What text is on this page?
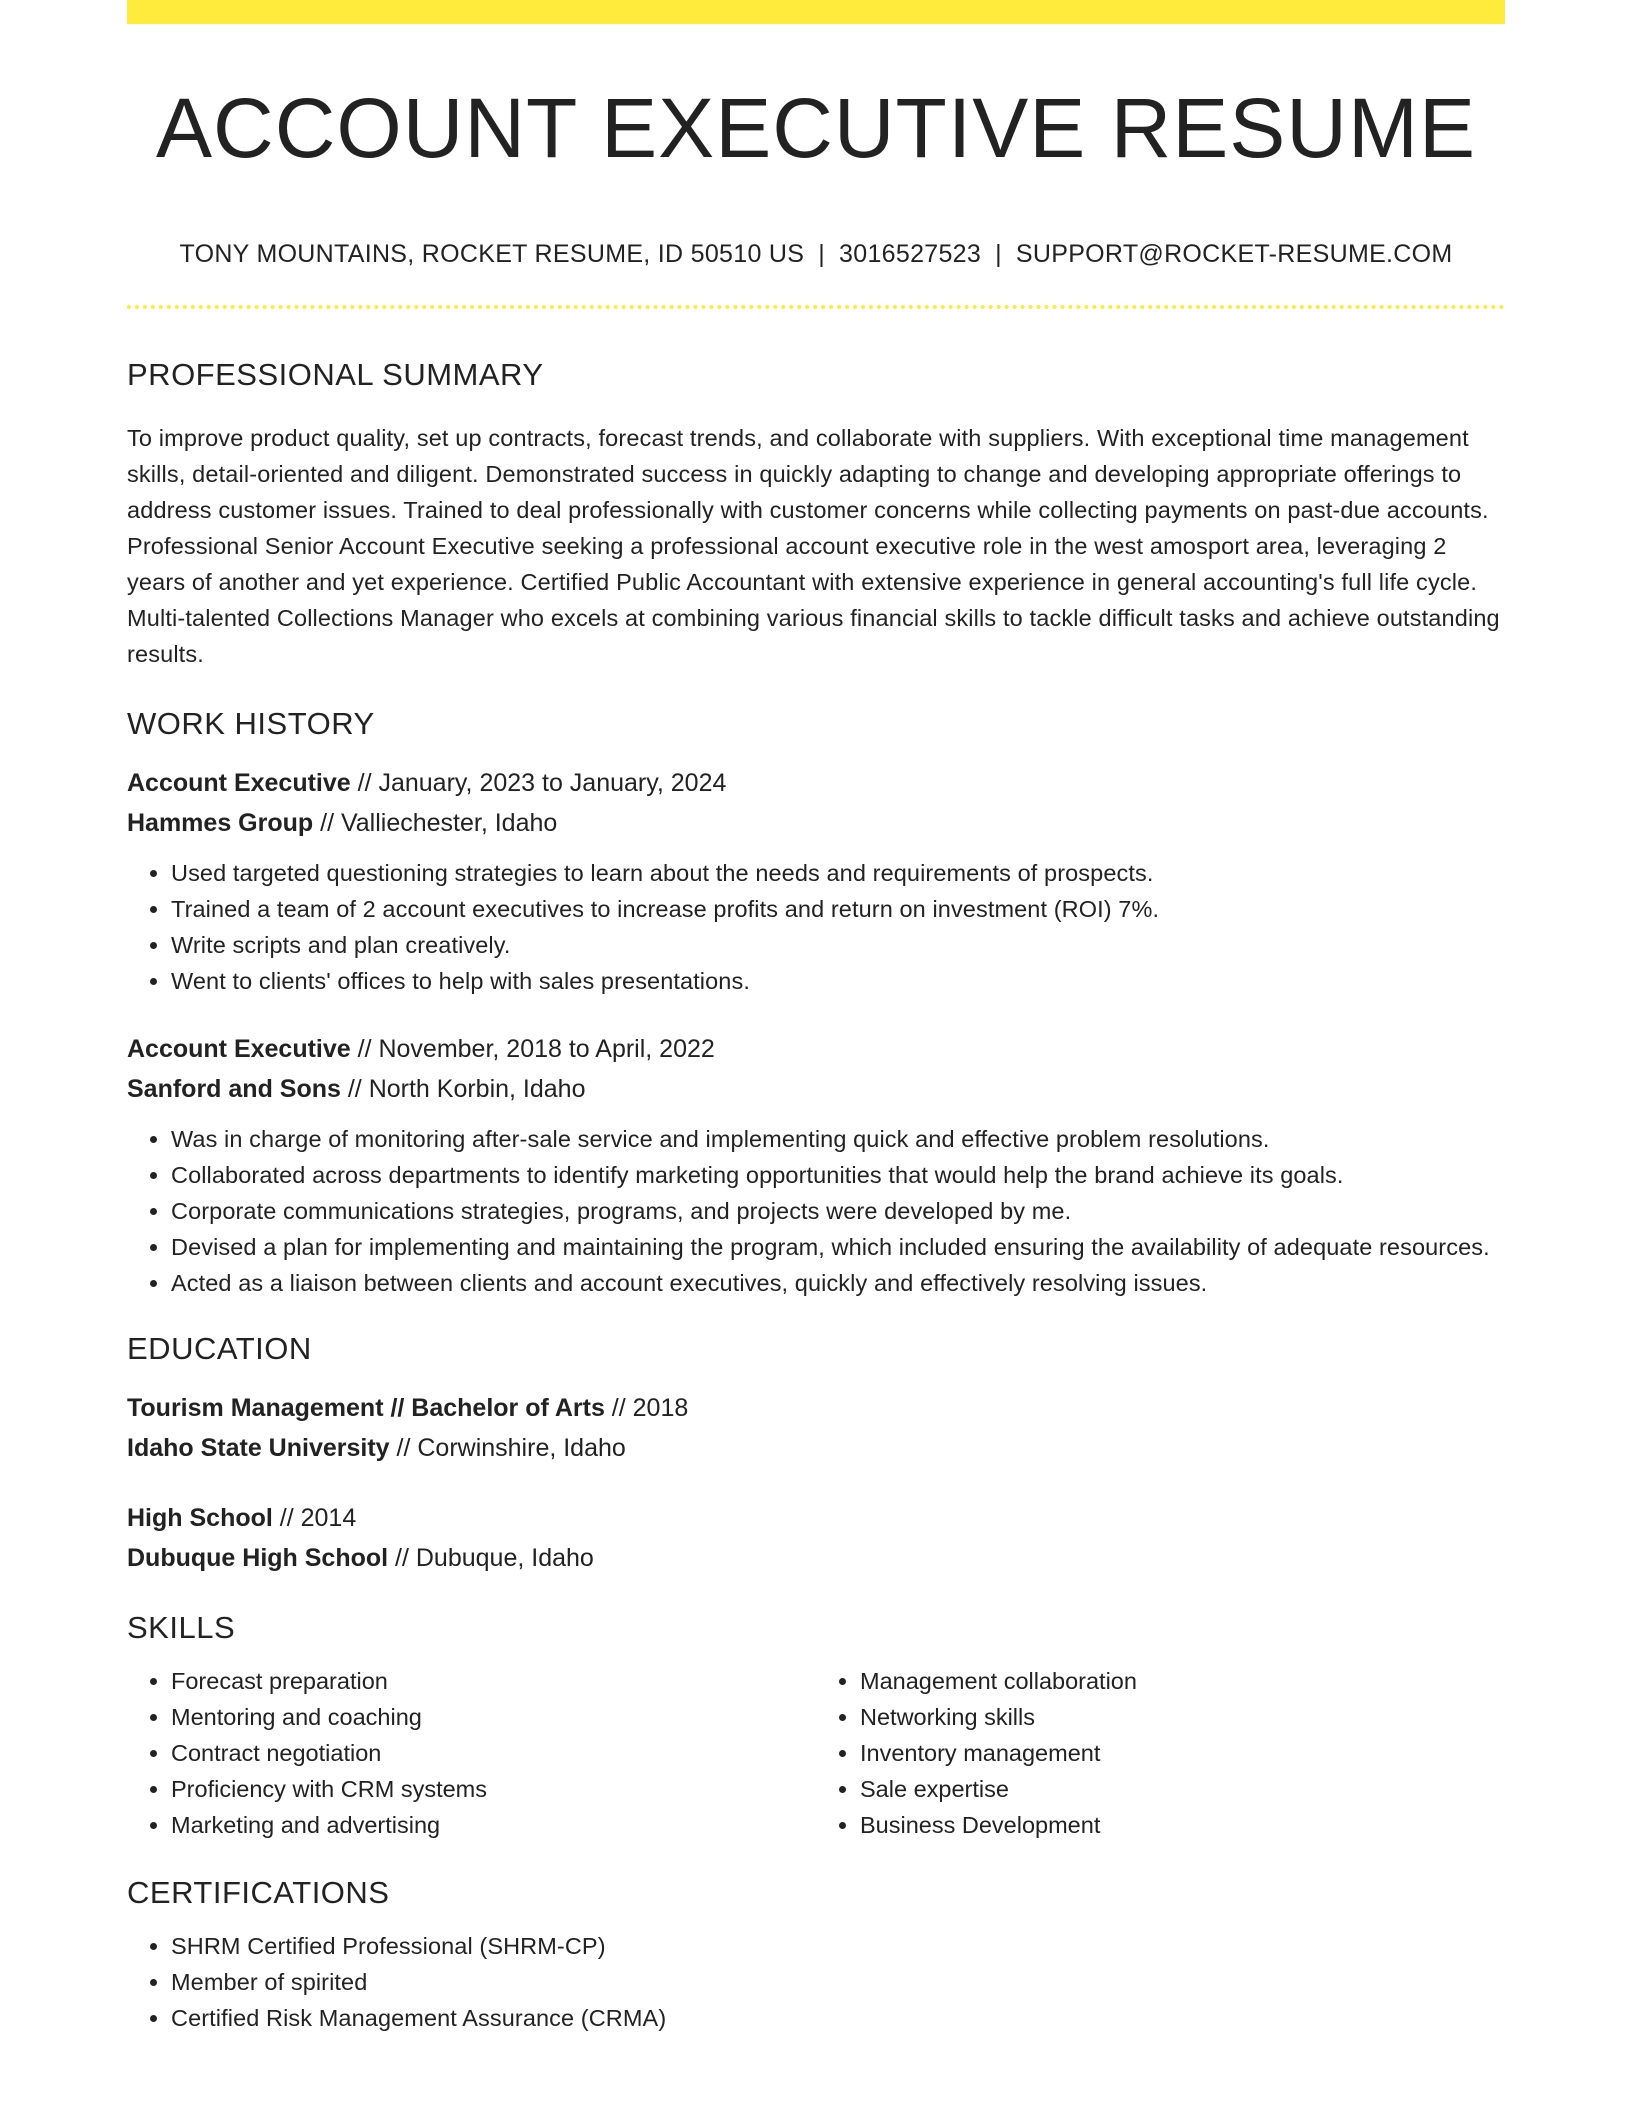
ACCOUNT EXECUTIVE RESUME
TONY MOUNTAINS, ROCKET RESUME, ID 50510 US | 3016527523 | SUPPORT@ROCKET-RESUME.COM
PROFESSIONAL SUMMARY

To improve product quality, set up contracts, forecast trends, and collaborate with suppliers. With exceptional time management skills, detail-oriented and diligent. Demonstrated success in quickly adapting to change and developing appropriate offerings to address customer issues. Trained to deal professionally with customer concerns while collecting payments on past-due accounts. Professional Senior Account Executive seeking a professional account executive role in the west amosport area, leveraging 2 years of another and yet experience. Certified Public Accountant with extensive experience in general accounting's full life cycle. Multi-talented Collections Manager who excels at combining various financial skills to tackle difficult tasks and achieve outstanding results.

WORK HISTORY
Account Executive // January, 2023 to January, 2024
Hammes Group // Valliechester, Idaho
• Used targeted questioning strategies to learn about the needs and requirements of prospects.
• Trained a team of 2 account executives to increase profits and return on investment (ROI) 7%.
• Write scripts and plan creatively.
• Went to clients' offices to help with sales presentations.
Account Executive // November, 2018 to April, 2022
Sanford and Sons // North Korbin, Idaho
• Was in charge of monitoring after-sale service and implementing quick and effective problem resolutions.
• Collaborated across departments to identify marketing opportunities that would help the brand achieve its goals.
• Corporate communications strategies, programs, and projects were developed by me.
• Devised a plan for implementing and maintaining the program, which included ensuring the availability of adequate resources.
• Acted as a liaison between clients and account executives, quickly and effectively resolving issues.
EDUCATION
Tourism Management // Bachelor of Arts // 2018
Idaho State University // Corwinshire, Idaho
High School // 2014
Dubuque High School // Dubuque, Idaho
SKILLS
• Forecast preparation
• Mentoring and coaching
• Contract negotiation
• Proficiency with CRM systems
• Marketing and advertising
• Management collaboration
• Networking skills
• Inventory management
• Sale expertise
• Business Development
CERTIFICATIONS
• SHRM Certified Professional (SHRM-CP)
• Member of spirited
• Certified Risk Management Assurance (CRMA)
